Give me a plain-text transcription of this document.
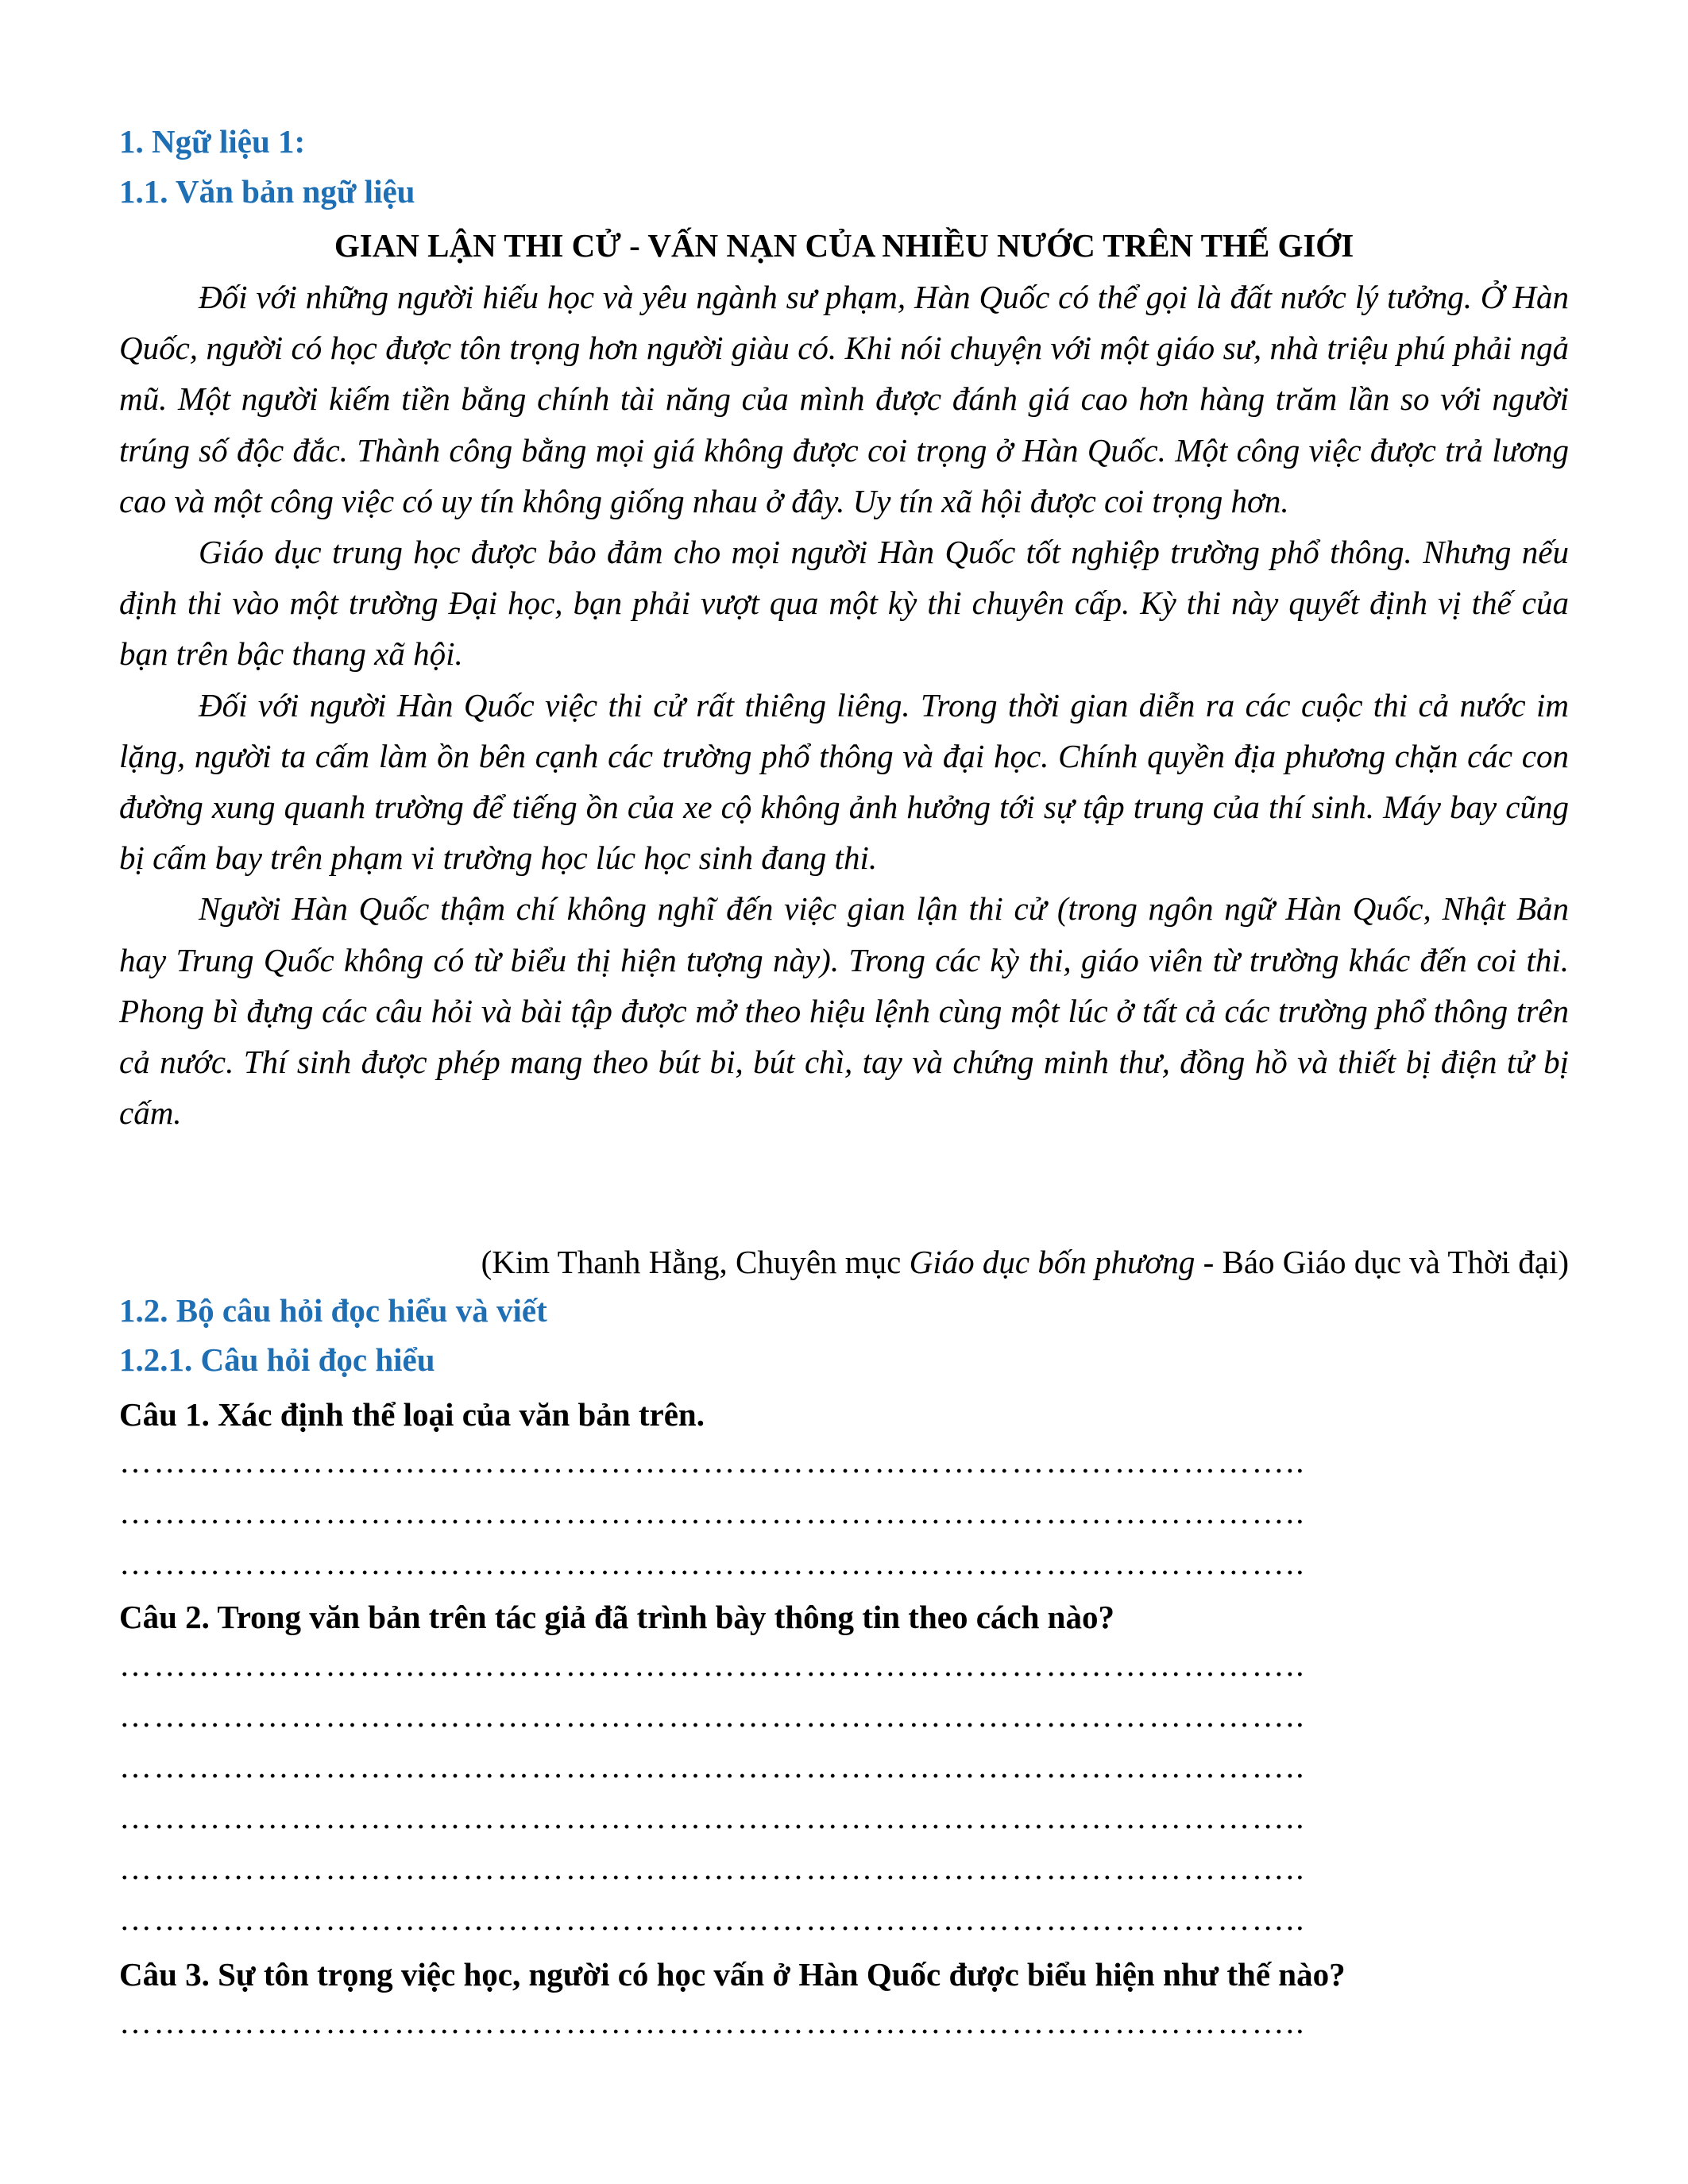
1. Ngữ liệu 1:
1.1. Văn bản ngữ liệu
GIAN LẬN THI CỬ - VẤN NẠN CỦA NHIỀU NƯỚC TRÊN THẾ GIỚI

Đối với những người hiếu học và yêu ngành sư phạm, Hàn Quốc có thể gọi là đất nước lý tưởng. Ở Hàn Quốc, người có học được tôn trọng hơn người giàu có. Khi nói chuyện với một giáo sư, nhà triệu phú phải ngả mũ. Một người kiếm tiền bằng chính tài năng của mình được đánh giá cao hơn hàng trăm lần so với người trúng số độc đắc. Thành công bằng mọi giá không được coi trọng ở Hàn Quốc. Một công việc được trả lương cao và một công việc có uy tín không giống nhau ở đây. Uy tín xã hội được coi trọng hơn.

Giáo dục trung học được bảo đảm cho mọi người Hàn Quốc tốt nghiệp trường phổ thông. Nhưng nếu định thi vào một trường Đại học, bạn phải vượt qua một kỳ thi chuyên cấp. Kỳ thi này quyết định vị thế của bạn trên bậc thang xã hội.

Đối với người Hàn Quốc việc thi cử rất thiêng liêng. Trong thời gian diễn ra các cuộc thi cả nước im lặng, người ta cấm làm ồn bên cạnh các trường phổ thông và đại học. Chính quyền địa phương chặn các con đường xung quanh trường để tiếng ồn của xe cộ không ảnh hưởng tới sự tập trung của thí sinh. Máy bay cũng bị cấm bay trên phạm vi trường học lúc học sinh đang thi.

Người Hàn Quốc thậm chí không nghĩ đến việc gian lận thi cử (trong ngôn ngữ Hàn Quốc, Nhật Bản hay Trung Quốc không có từ biểu thị hiện tượng này). Trong các kỳ thi, giáo viên từ trường khác đến coi thi. Phong bì đựng các câu hỏi và bài tập được mở theo hiệu lệnh cùng một lúc ở tất cả các trường phổ thông trên cả nước. Thí sinh được phép mang theo bút bi, bút chì, tay và chứng minh thư, đồng hồ và thiết bị điện tử bị cấm.

(Kim Thanh Hằng, Chuyên mục Giáo dục bốn phương - Báo Giáo dục và Thời đại)
1.2. Bộ câu hỏi đọc hiểu và viết
1.2.1. Câu hỏi đọc hiểu
Câu 1. Xác định thể loại của văn bản trên.
…………………………………………………………………………………………..
…………………………………………………………………………………………..
…………………………………………………………………………………………..
Câu 2. Trong văn bản trên tác giả đã trình bày thông tin theo cách nào?
…………………………………………………………………………………………..
…………………………………………………………………………………………..
…………………………………………………………………………………………..
…………………………………………………………………………………………..
…………………………………………………………………………………………..
…………………………………………………………………………………………..
Câu 3. Sự tôn trọng việc học, người có học vấn ở Hàn Quốc được biểu hiện như thế nào?
…………………………………………………………………………………………..
